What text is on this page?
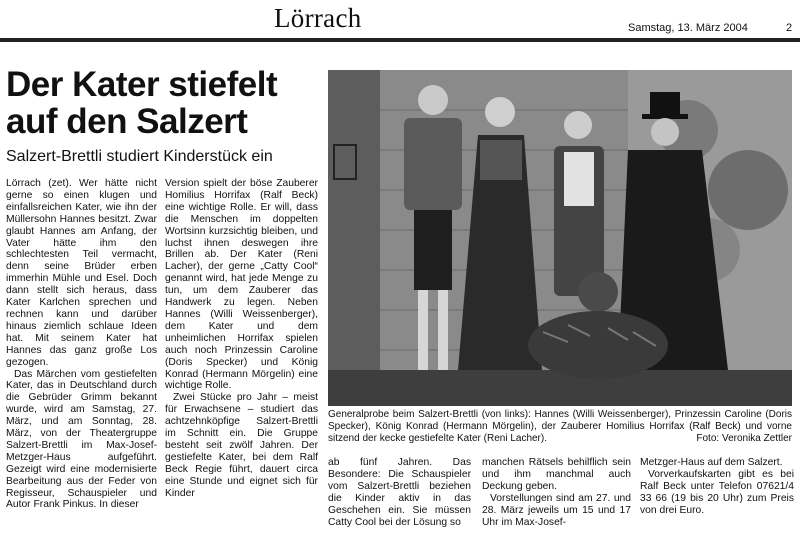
Lörrach	Samstag, 13. März 2004	2
Der Kater stiefelt
auf den Salzert
Salzert-Brettli studiert Kinderstück ein

Lörrach (zet). Wer hätte nicht gerne so einen klugen und einfallsreichen Kater, wie ihn der Müllersohn Hannes besitzt. Zwar glaubt Hannes am Anfang, der Vater hätte ihm den schlechtesten Teil vermacht, denn seine Brüder erben immerhin Mühle und Esel. Doch dann stellt sich heraus, dass Kater Karlchen sprechen und rechnen kann und darüber hinaus ziemlich schlaue Ideen hat. Mit seinem Kater hat Hannes das ganz große Los gezogen.

Das Märchen vom gestiefelten Kater, das in Deutschland durch die Gebrüder Grimm bekannt wurde, wird am Samstag, 27. März, und am Sonntag, 28. März, von der Theatergruppe Salzert-Brettli im Max-Josef-Metzger-Haus aufgeführt. Gezeigt wird eine modernisierte Bearbeitung aus der Feder von Regisseur, Schauspieler und Autor Frank Pinkus. In dieser

Version spielt der böse Zauberer Homilius Horrifax (Ralf Beck) eine wichtige Rolle. Er will, dass die Menschen im doppelten Wortsinn kurzsichtig bleiben, und luchst ihnen deswegen ihre Brillen ab. Der Kater (Reni Lacher), der gerne „Catty Cool“ genannt wird, hat jede Menge zu tun, um dem Zauberer das Handwerk zu legen. Neben Hannes (Willi Weissenberger), dem Kater und dem unheimlichen Horrifax spielen auch noch Prinzessin Caroline (Doris Specker) und König Konrad (Hermann Mörgelin) eine wichtige Rolle.

Zwei Stücke pro Jahr – meist für Erwachsene – studiert das achtzehnköpfige Salzert-Brettli im Schnitt ein. Die Gruppe besteht seit zwölf Jahren. Der gestiefelte Kater, bei dem Ralf Beck Regie führt, dauert circa eine Stunde und eignet sich für Kinder

Generalprobe beim Salzert-Brettli (von links): Hannes (Willi Weissenberger), Prinzessin Caroline (Doris Specker), König Konrad (Hermann Mörgelin), der Zauberer Homilius Horrifax (Ralf Beck) und vorne sitzend der kecke gestiefelte Kater (Reni Lacher).	Foto: Veronika Zettler

ab fünf Jahren. Das Besondere: Die Schauspieler vom Salzert-Brettli beziehen die Kinder aktiv in das Geschehen ein. Sie müssen Catty Cool bei der Lösung so

manchen Rätsels behilflich sein und ihm manchmal auch Deckung geben.

Vorstellungen sind am 27. und 28. März jeweils um 15 und 17 Uhr im Max-Josef-

Metzger-Haus auf dem Salzert.

Vorverkaufskarten gibt es bei Ralf Beck unter Telefon 07621/4 33 66 (19 bis 20 Uhr) zum Preis von drei Euro.
